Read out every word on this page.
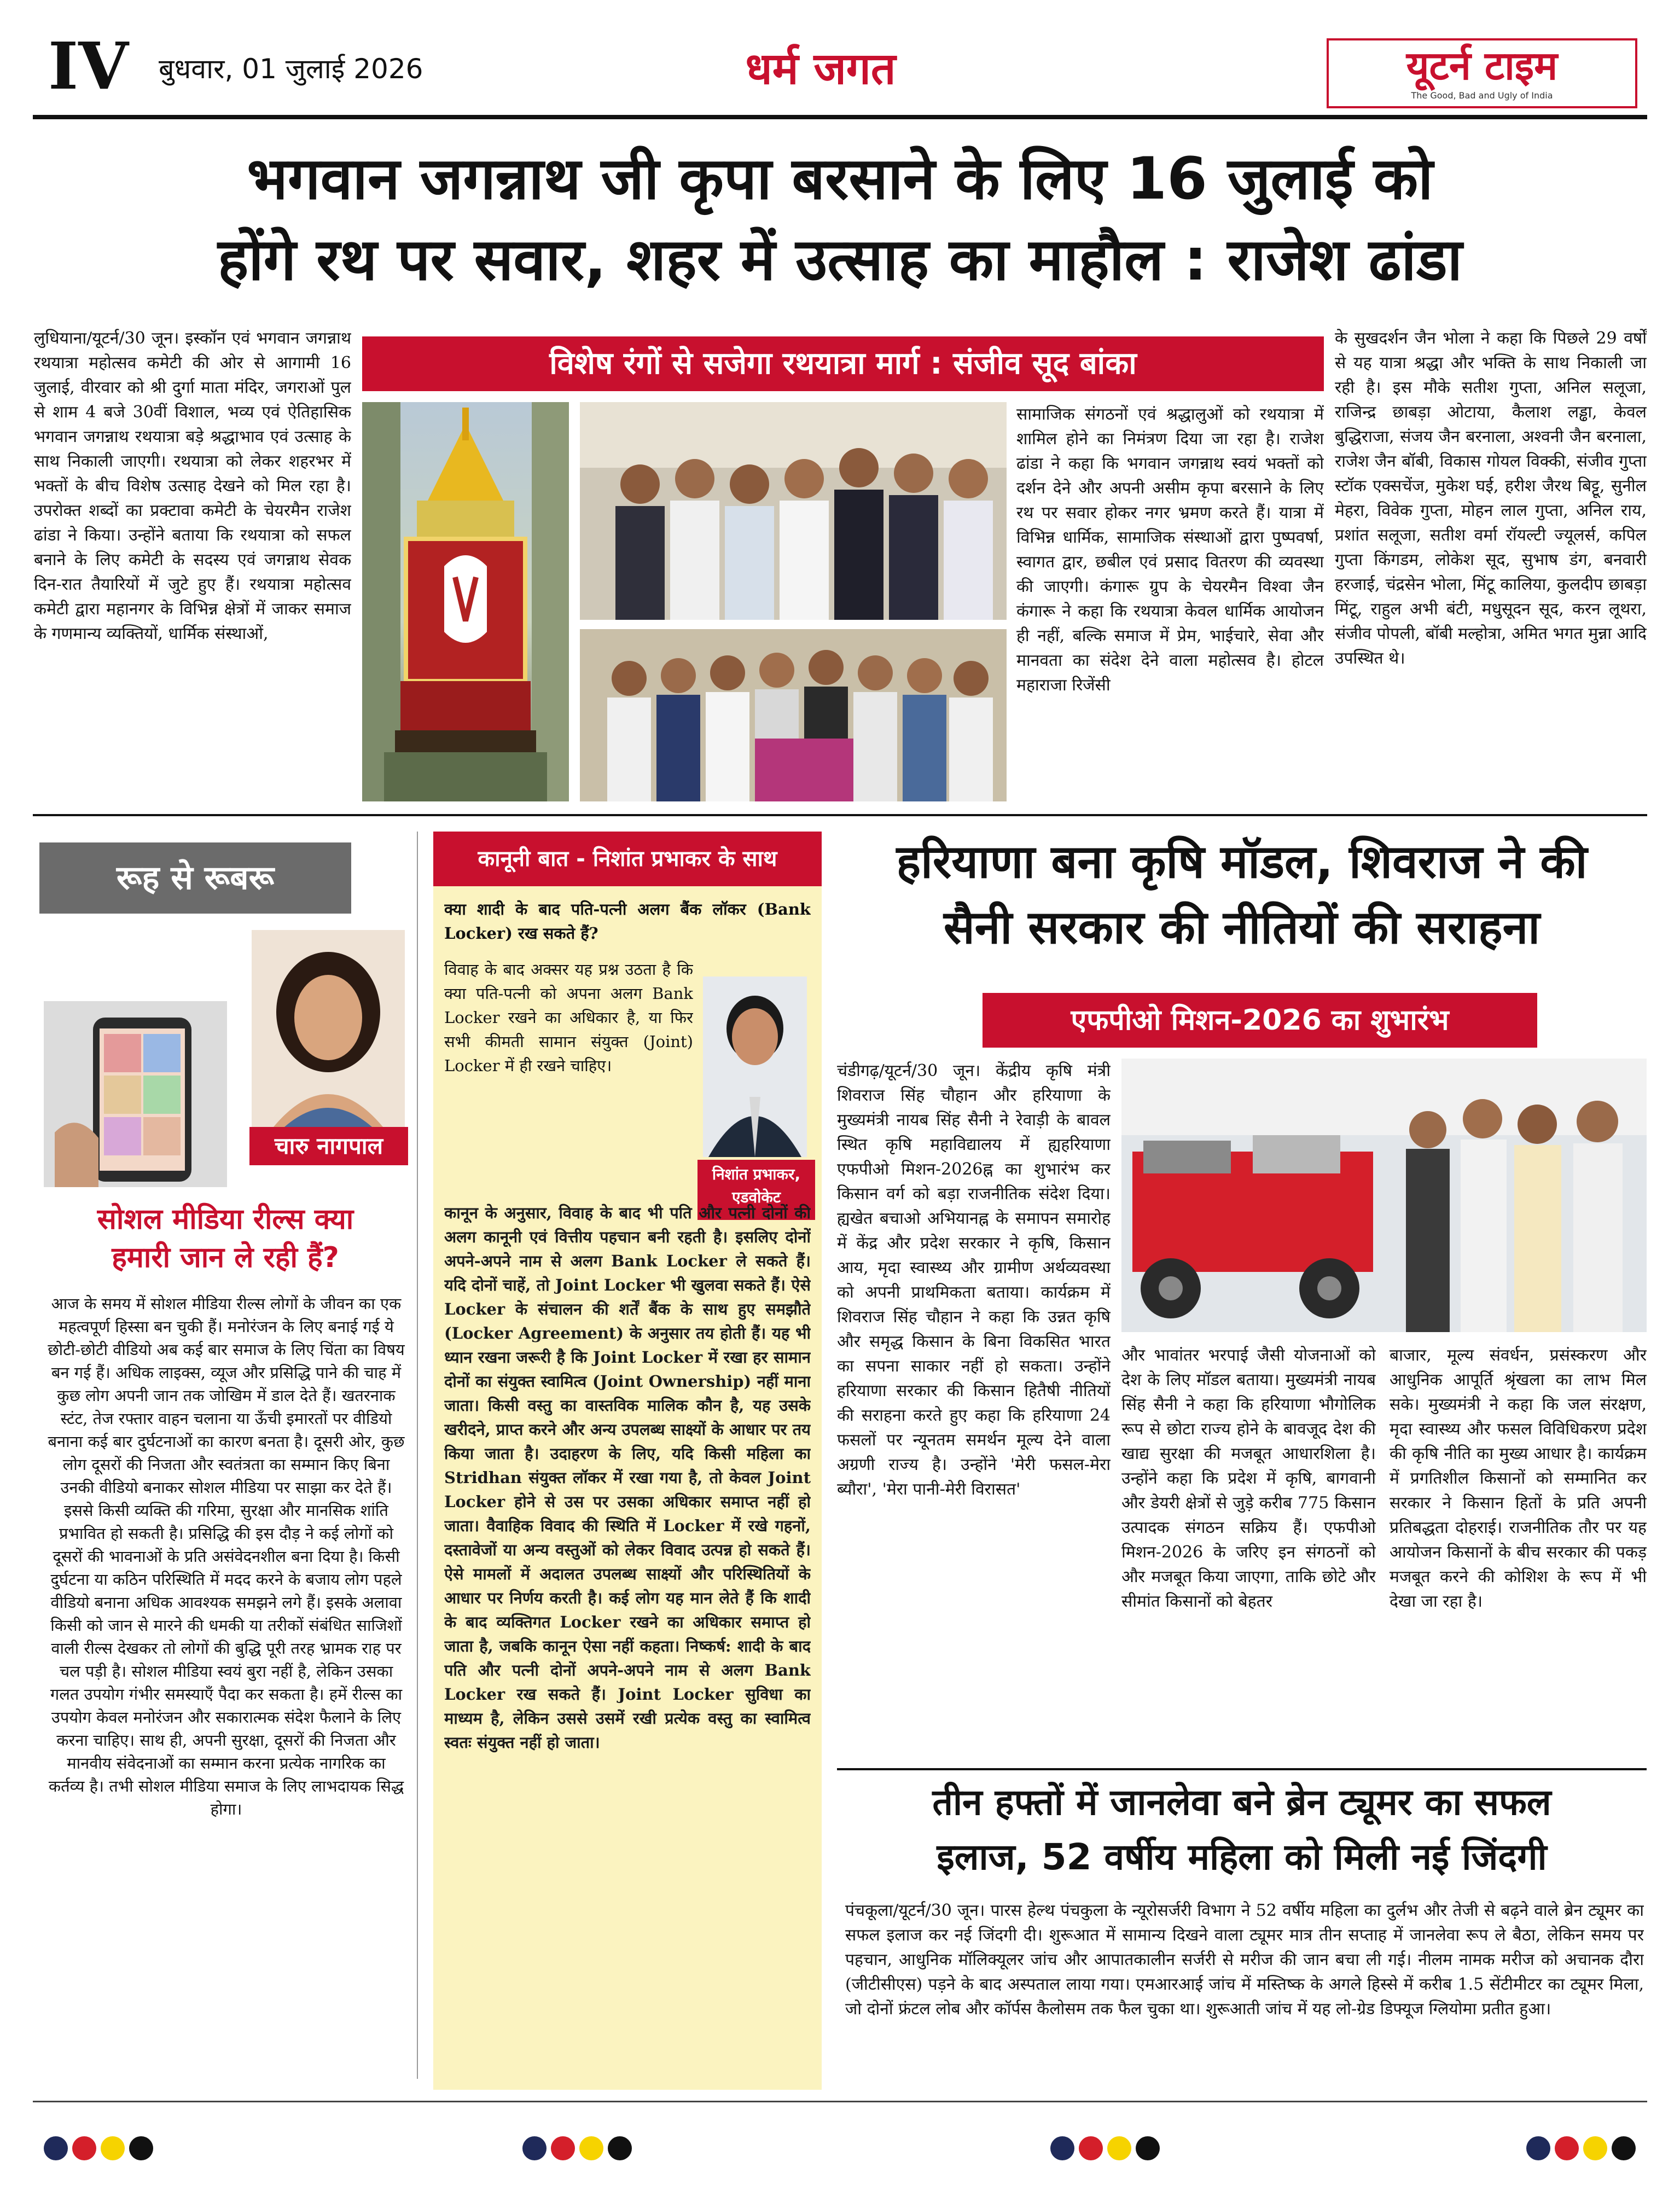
IV बुधवार, 01 जुलाई 2026	धर्म जगत	यूटर्न टाइम
The Good, Bad and Ugly of India
भगवान जगन्नाथ जी कृपा बरसाने के लिए 16 जुलाई को
होंगे रथ पर सवार, शहर में उत्साह का माहौल : राजेश ढांडा

लुधियाना/यूटर्न/30 जून। इस्कॉन एवं भगवान जगन्नाथ रथयात्रा महोत्सव कमेटी की ओर से आगामी 16 जुलाई, वीरवार को श्री दुर्गा माता मंदिर, जगराओं पुल से शाम 4 बजे 30वीं विशाल, भव्य एवं ऐतिहासिक भगवान जगन्नाथ रथयात्रा बड़े श्रद्धाभाव एवं उत्साह के साथ निकाली जाएगी। रथयात्रा को लेकर शहरभर में भक्तों के बीच विशेष उत्साह देखने को मिल रहा है। उपरोक्त शब्दों का प्रक्टावा कमेटी के चेयरमैन राजेश ढांडा ने किया। उन्होंने बताया कि रथयात्रा को सफल बनाने के लिए कमेटी के सदस्य एवं जगन्नाथ सेवक दिन-रात तैयारियों में जुटे हुए हैं। रथयात्रा महोत्सव कमेटी द्वारा महानगर के विभिन्न क्षेत्रों में जाकर समाज के गणमान्य व्यक्तियों, धार्मिक संस्थाओं,

विशेष रंगों से सजेगा रथयात्रा मार्ग : संजीव सूद बांका

सामाजिक संगठनों एवं श्रद्धालुओं को रथयात्रा में शामिल होने का निमंत्रण दिया जा रहा है। राजेश ढांडा ने कहा कि भगवान जगन्नाथ स्वयं भक्तों को दर्शन देने और अपनी असीम कृपा बरसाने के लिए रथ पर सवार होकर नगर भ्रमण करते हैं। यात्रा में विभिन्न धार्मिक, सामाजिक संस्थाओं द्वारा पुष्पवर्षा, स्वागत द्वार, छबील एवं प्रसाद वितरण की व्यवस्था की जाएगी। कंगारू ग्रुप के चेयरमैन विश्वा जैन कंगारू ने कहा कि रथयात्रा केवल धार्मिक आयोजन ही नहीं, बल्कि समाज में प्रेम, भाईचारे, सेवा और मानवता का संदेश देने वाला महोत्सव है। होटल महाराजा रिजेंसी

के सुखदर्शन जैन भोला ने कहा कि पिछले 29 वर्षों से यह यात्रा श्रद्धा और भक्ति के साथ निकाली जा रही है। इस मौके सतीश गुप्ता, अनिल सलूजा, राजिन्द्र छाबड़ा ओटाया, कैलाश लड्ढा, केवल बुद्धिराजा, संजय जैन बरनाला, अश्वनी जैन बरनाला, राजेश जैन बॉबी, विकास गोयल विक्की, संजीव गुप्ता स्टॉक एक्सचेंज, मुकेश घई, हरीश जैरथ बिट्टू, सुनील मेहरा, विवेक गुप्ता, मोहन लाल गुप्ता, अनिल राय, प्रशांत सलूजा, सतीश वर्मा रॉयल्टी ज्यूलर्स, कपिल गुप्ता किंगडम, लोकेश सूद, सुभाष डंग, बनवारी हरजाई, चंद्रसेन भोला, मिंटू कालिया, कुलदीप छाबड़ा मिंटू, राहुल अभी बंटी, मधुसूदन सूद, करन लूथरा, संजीव पोपली, बॉबी मल्होत्रा, अमित भगत मुन्ना आदि उपस्थित थे।

रूह से रूबरू
चारु नागपाल
सोशल मीडिया रील्स क्या
हमारी जान ले रही हैं?

आज के समय में सोशल मीडिया रील्स लोगों के जीवन का एक महत्वपूर्ण हिस्सा बन चुकी हैं। मनोरंजन के लिए बनाई गई ये छोटी-छोटी वीडियो अब कई बार समाज के लिए चिंता का विषय बन गई हैं। अधिक लाइक्स, व्यूज और प्रसिद्धि पाने की चाह में कुछ लोग अपनी जान तक जोखिम में डाल देते हैं। खतरनाक स्टंट, तेज रफ्तार वाहन चलाना या ऊँची इमारतों पर वीडियो बनाना कई बार दुर्घटनाओं का कारण बनता है। दूसरी ओर, कुछ लोग दूसरों की निजता और स्वतंत्रता का सम्मान किए बिना उनकी वीडियो बनाकर सोशल मीडिया पर साझा कर देते हैं। इससे किसी व्यक्ति की गरिमा, सुरक्षा और मानसिक शांति प्रभावित हो सकती है। प्रसिद्धि की इस दौड़ ने कई लोगों को दूसरों की भावनाओं के प्रति असंवेदनशील बना दिया है। किसी दुर्घटना या कठिन परिस्थिति में मदद करने के बजाय लोग पहले वीडियो बनाना अधिक आवश्यक समझने लगे हैं। इसके अलावा किसी को जान से मारने की धमकी या तरीकों संबंधित साजिशों वाली रील्स देखकर तो लोगों की बुद्धि पूरी तरह भ्रामक राह पर चल पड़ी है। सोशल मीडिया स्वयं बुरा नहीं है, लेकिन उसका गलत उपयोग गंभीर समस्याएँ पैदा कर सकता है। हमें रील्स का उपयोग केवल मनोरंजन और सकारात्मक संदेश फैलाने के लिए करना चाहिए। साथ ही, अपनी सुरक्षा, दूसरों की निजता और मानवीय संवेदनाओं का सम्मान करना प्रत्येक नागरिक का कर्तव्य है। तभी सोशल मीडिया समाज के लिए लाभदायक सिद्ध होगा।

कानूनी बात - निशांत प्रभाकर के साथ

क्या शादी के बाद पति-पत्नी अलग बैंक लॉकर (Bank Locker) रख सकते हैं?

विवाह के बाद अक्सर यह प्रश्न उठता है कि क्या पति-पत्नी को अपना अलग Bank Locker रखने का अधिकार है, या फिर सभी कीमती सामान संयुक्त (Joint) Locker में ही रखने चाहिए।

निशांत प्रभाकर,
एडवोकेट

कानून के अनुसार, विवाह के बाद भी पति और पत्नी दोनों की अलग कानूनी एवं वित्तीय पहचान बनी रहती है। इसलिए दोनों अपने-अपने नाम से अलग Bank Locker ले सकते हैं। यदि दोनों चाहें, तो Joint Locker भी खुलवा सकते हैं। ऐसे Locker के संचालन की शर्तें बैंक के साथ हुए समझौते (Locker Agreement) के अनुसार तय होती हैं। यह भी ध्यान रखना जरूरी है कि Joint Locker में रखा हर सामान दोनों का संयुक्त स्वामित्व (Joint Ownership) नहीं माना जाता। किसी वस्तु का वास्तविक मालिक कौन है, यह उसके खरीदने, प्राप्त करने और अन्य उपलब्ध साक्ष्यों के आधार पर तय किया जाता है। उदाहरण के लिए, यदि किसी महिला का Stridhan संयुक्त लॉकर में रखा गया है, तो केवल Joint Locker होने से उस पर उसका अधिकार समाप्त नहीं हो जाता। वैवाहिक विवाद की स्थिति में Locker में रखे गहनों, दस्तावेजों या अन्य वस्तुओं को लेकर विवाद उत्पन्न हो सकते हैं। ऐसे मामलों में अदालत उपलब्ध साक्ष्यों और परिस्थितियों के आधार पर निर्णय करती है। कई लोग यह मान लेते हैं कि शादी के बाद व्यक्तिगत Locker रखने का अधिकार समाप्त हो जाता है, जबकि कानून ऐसा नहीं कहता। निष्कर्ष: शादी के बाद पति और पत्नी दोनों अपने-अपने नाम से अलग Bank Locker रख सकते हैं। Joint Locker सुविधा का माध्यम है, लेकिन उससे उसमें रखी प्रत्येक वस्तु का स्वामित्व स्वतः संयुक्त नहीं हो जाता।

हरियाणा बना कृषि मॉडल, शिवराज ने की
सैनी सरकार की नीतियों की सराहना
एफपीओ मिशन-2026 का शुभारंभ

चंडीगढ़/यूटर्न/30 जून। केंद्रीय कृषि मंत्री शिवराज सिंह चौहान और हरियाणा के मुख्यमंत्री नायब सिंह सैनी ने रेवाड़ी के बावल स्थित कृषि महाविद्यालय में ह्यहरियाणा एफपीओ मिशन-2026ह्न का शुभारंभ कर किसान वर्ग को बड़ा राजनीतिक संदेश दिया। ह्यखेत बचाओ अभियानह्न के समापन समारोह में केंद्र और प्रदेश सरकार ने कृषि, किसान आय, मृदा स्वास्थ्य और ग्रामीण अर्थव्यवस्था को अपनी प्राथमिकता बताया। कार्यक्रम में शिवराज सिंह चौहान ने कहा कि उन्नत कृषि और समृद्ध किसान के बिना विकसित भारत का सपना साकार नहीं हो सकता। उन्होंने हरियाणा सरकार की किसान हितैषी नीतियों की सराहना करते हुए कहा कि हरियाणा 24 फसलों पर न्यूनतम समर्थन मूल्य देने वाला अग्रणी राज्य है। उन्होंने 'मेरी फसल-मेरा ब्यौरा', 'मेरा पानी-मेरी विरासत'

और भावांतर भरपाई जैसी योजनाओं को देश के लिए मॉडल बताया। मुख्यमंत्री नायब सिंह सैनी ने कहा कि हरियाणा भौगोलिक रूप से छोटा राज्य होने के बावजूद देश की खाद्य सुरक्षा की मजबूत आधारशिला है। उन्होंने कहा कि प्रदेश में कृषि, बागवानी और डेयरी क्षेत्रों से जुड़े करीब 775 किसान उत्पादक संगठन सक्रिय हैं। एफपीओ मिशन-2026 के जरिए इन संगठनों को और मजबूत किया जाएगा, ताकि छोटे और सीमांत किसानों को बेहतर

बाजार, मूल्य संवर्धन, प्रसंस्करण और आधुनिक आपूर्ति श्रृंखला का लाभ मिल सके। मुख्यमंत्री ने कहा कि जल संरक्षण, मृदा स्वास्थ्य और फसल विविधिकरण प्रदेश की कृषि नीति का मुख्य आधार है। कार्यक्रम में प्रगतिशील किसानों को सम्मानित कर सरकार ने किसान हितों के प्रति अपनी प्रतिबद्धता दोहराई। राजनीतिक तौर पर यह आयोजन किसानों के बीच सरकार की पकड़ मजबूत करने की कोशिश के रूप में भी देखा जा रहा है।

तीन हफ्तों में जानलेवा बने ब्रेन ट्यूमर का सफल
इलाज, 52 वर्षीय महिला को मिली नई जिंदगी

पंचकूला/यूटर्न/30 जून। पारस हेल्थ पंचकुला के न्यूरोसर्जरी विभाग ने 52 वर्षीय महिला का दुर्लभ और तेजी से बढ़ने वाले ब्रेन ट्यूमर का सफल इलाज कर नई जिंदगी दी। शुरूआत में सामान्य दिखने वाला ट्यूमर मात्र तीन सप्ताह में जानलेवा रूप ले बैठा, लेकिन समय पर पहचान, आधुनिक मॉलिक्यूलर जांच और आपातकालीन सर्जरी से मरीज की जान बचा ली गई। नीलम नामक मरीज को अचानक दौरा (जीटीसीएस) पड़ने के बाद अस्पताल लाया गया। एमआरआई जांच में मस्तिष्क के अगले हिस्से में करीब 1.5 सेंटीमीटर का ट्यूमर मिला, जो दोनों फ्रंटल लोब और कॉर्पस कैलोसम तक फैल चुका था। शुरूआती जांच में यह लो-ग्रेड डिफ्यूज ग्लियोमा प्रतीत हुआ।
